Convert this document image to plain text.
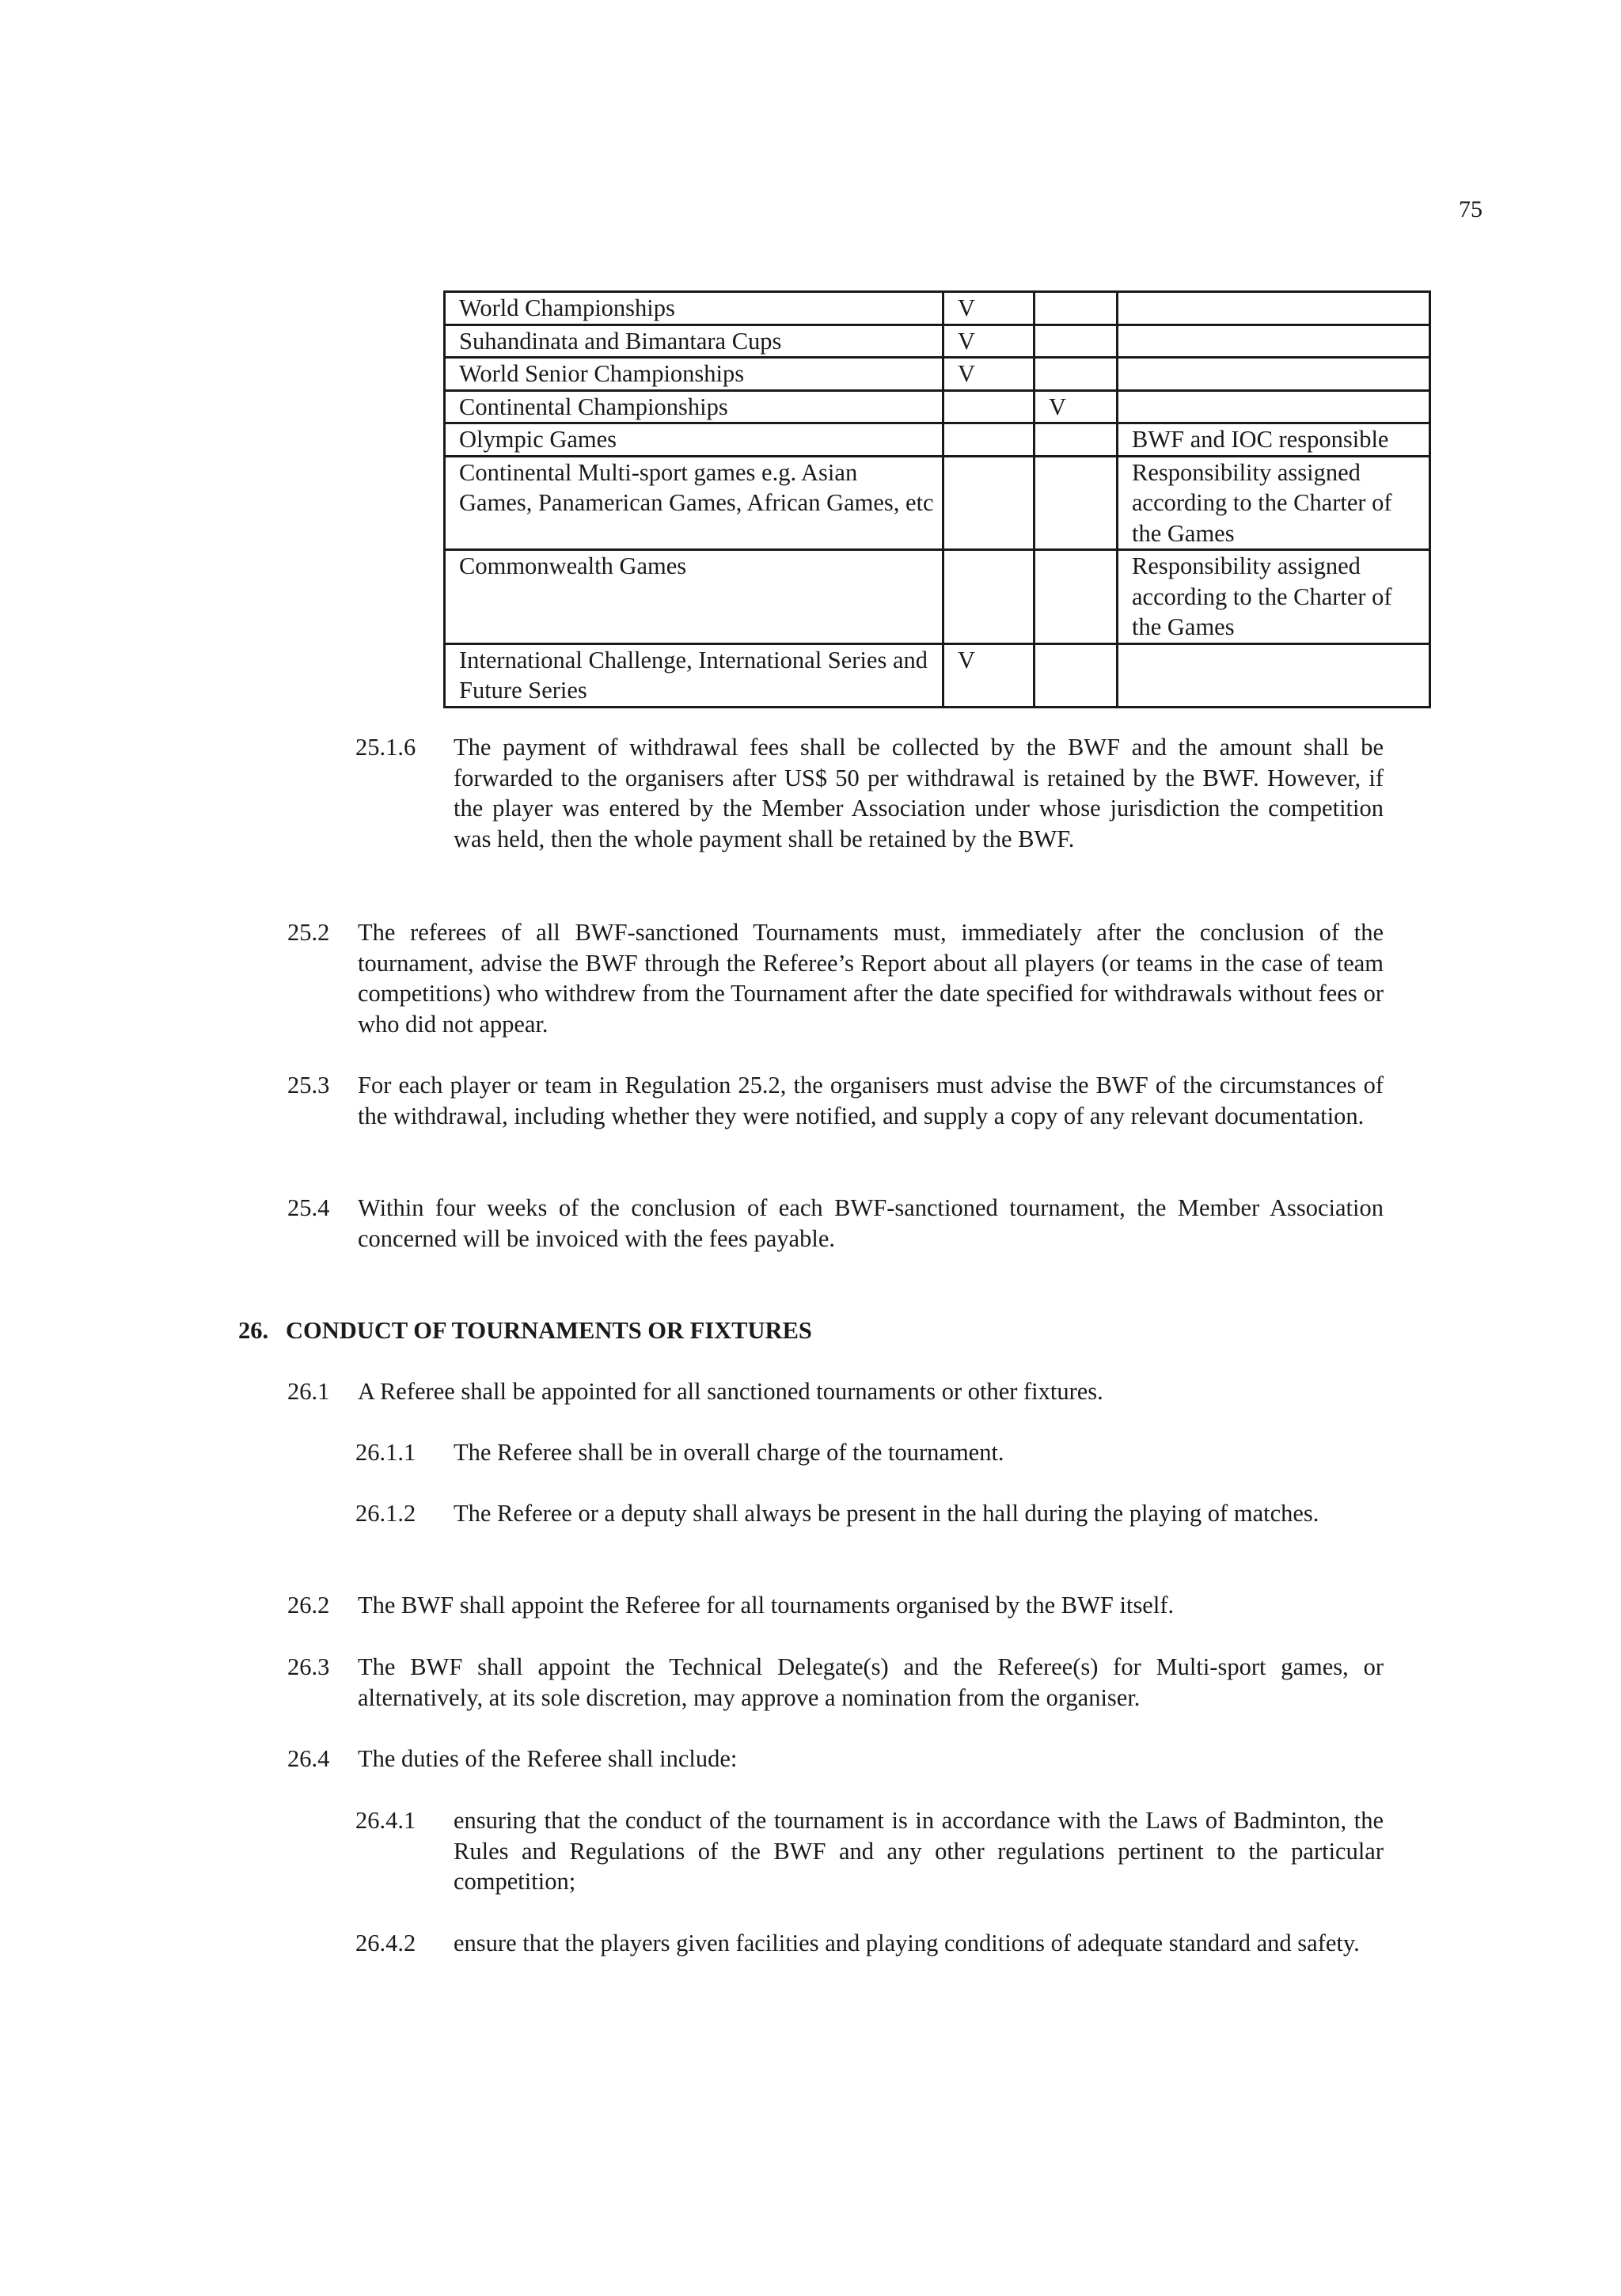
75
World Championships	V		
Suhandinata and Bimantara Cups	V		
World Senior Championships	V		
Continental Championships		V	
Olympic Games			BWF and IOC responsible
Continental Multi-sport games e.g. Asian Games, Panamerican Games, African Games, etc			Responsibility assigned according to the Charter of the Games
Commonwealth Games			Responsibility assigned according to the Charter of the Games
International Challenge, International Series and Future Series	V		
25.1.6 The payment of withdrawal fees shall be collected by the BWF and the amount shall be forwarded to the organisers after US$ 50 per withdrawal is retained by the BWF. However, if the player was entered by the Member Association under whose jurisdiction the competition was held, then the whole payment shall be retained by the BWF.
25.2 The referees of all BWF-sanctioned Tournaments must, immediately after the conclusion of the tournament, advise the BWF through the Referee’s Report about all players (or teams in the case of team competitions) who withdrew from the Tournament after the date specified for withdrawals without fees or who did not appear.
25.3 For each player or team in Regulation 25.2, the organisers must advise the BWF of the circumstances of the withdrawal, including whether they were notified, and supply a copy of any relevant documentation.
25.4 Within four weeks of the conclusion of each BWF-sanctioned tournament, the Member Association concerned will be invoiced with the fees payable.
26. CONDUCT OF TOURNAMENTS OR FIXTURES
26.1 A Referee shall be appointed for all sanctioned tournaments or other fixtures.
26.1.1 The Referee shall be in overall charge of the tournament.
26.1.2 The Referee or a deputy shall always be present in the hall during the playing of matches.
26.2 The BWF shall appoint the Referee for all tournaments organised by the BWF itself.
26.3 The BWF shall appoint the Technical Delegate(s) and the Referee(s) for Multi-sport games, or alternatively, at its sole discretion, may approve a nomination from the organiser.
26.4 The duties of the Referee shall include:
26.4.1 ensuring that the conduct of the tournament is in accordance with the Laws of Badminton, the Rules and Regulations of the BWF and any other regulations pertinent to the particular competition;
26.4.2 ensure that the players given facilities and playing conditions of adequate standard and safety.
